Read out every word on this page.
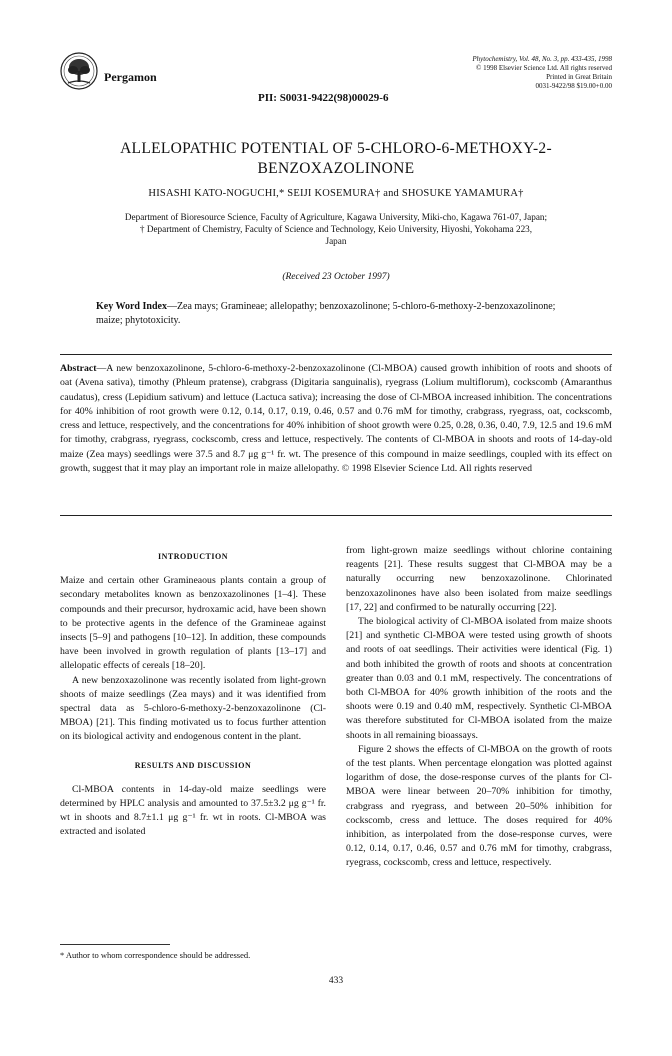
Pergamon
Phytochemistry, Vol. 48, No. 3, pp. 433-435, 1998
© 1998 Elsevier Science Ltd. All rights reserved
Printed in Great Britain
0031-9422/98 $19.00+0.00
PII: S0031-9422(98)00029-6
ALLELOPATHIC POTENTIAL OF 5-CHLORO-6-METHOXY-2-BENZOXAZOLINONE
HISASHI KATO-NOGUCHI,* SEIJI KOSEMURA† and SHOSUKE YAMAMURA†
Department of Bioresource Science, Faculty of Agriculture, Kagawa University, Miki-cho, Kagawa 761-07, Japan;
† Department of Chemistry, Faculty of Science and Technology, Keio University, Hiyoshi, Yokohama 223,
Japan
(Received 23 October 1997)
Key Word Index—Zea mays; Gramineae; allelopathy; benzoxazolinone; 5-chloro-6-methoxy-2-benzoxazolinone; maize; phytotoxicity.
Abstract—A new benzoxazolinone, 5-chloro-6-methoxy-2-benzoxazolinone (Cl-MBOA) caused growth inhibition of roots and shoots of oat (Avena sativa), timothy (Phleum pratense), crabgrass (Digitaria sanguinalis), ryegrass (Lolium multiflorum), cockscomb (Amaranthus caudatus), cress (Lepidium sativum) and lettuce (Lactuca sativa); increasing the dose of Cl-MBOA increased inhibition. The concentrations for 40% inhibition of root growth were 0.12, 0.14, 0.17, 0.19, 0.46, 0.57 and 0.76 mM for timothy, crabgrass, ryegrass, oat, cockscomb, cress and lettuce, respectively, and the concentrations for 40% inhibition of shoot growth were 0.25, 0.28, 0.36, 0.40, 7.9, 12.5 and 19.6 mM for timothy, crabgrass, ryegrass, cockscomb, cress and lettuce, respectively. The contents of Cl-MBOA in shoots and roots of 14-day-old maize (Zea mays) seedlings were 37.5 and 8.7 μg g⁻¹ fr. wt. The presence of this compound in maize seedlings, coupled with its effect on growth, suggest that it may play an important role in maize allelopathy. © 1998 Elsevier Science Ltd. All rights reserved
INTRODUCTION

Maize and certain other Gramineaous plants contain a group of secondary metabolites known as benzoxazolinones [1–4]. These compounds and their precursor, hydroxamic acid, have been shown to be protective agents in the defence of the Gramineae against insects [5–9] and pathogens [10–12]. In addition, these compounds have been involved in growth regulation of plants [13–17] and allelopatic effects of cereals [18–20].

A new benzoxazolinone was recently isolated from light-grown shoots of maize seedlings (Zea mays) and it was identified from spectral data as 5-chloro-6-methoxy-2-benzoxazolinone (Cl-MBOA) [21]. This finding motivated us to focus further attention on its biological activity and endogenous content in the plant.

RESULTS AND DISCUSSION

Cl-MBOA contents in 14-day-old maize seedlings were determined by HPLC analysis and amounted to 37.5±3.2 μg g⁻¹ fr. wt in shoots and 8.7±1.1 μg g⁻¹ fr. wt in roots. Cl-MBOA was extracted and isolated

from light-grown maize seedlings without chlorine containing reagents [21]. These results suggest that Cl-MBOA may be a naturally occurring new benzoxazolinone. Chlorinated benzoxazolinones have also been isolated from maize seedlings [17, 22] and confirmed to be naturally occurring [22].

The biological activity of Cl-MBOA isolated from maize shoots [21] and synthetic Cl-MBOA were tested using growth of shoots and roots of oat seedlings. Their activities were identical (Fig. 1) and both inhibited the growth of roots and shoots at concentration greater than 0.03 and 0.1 mM, respectively. The concentrations of both Cl-MBOA for 40% growth inhibition of the roots and the shoots were 0.19 and 0.40 mM, respectively. Synthetic Cl-MBOA was therefore substituted for Cl-MBOA isolated from the maize shoots in all remaining bioassays.

Figure 2 shows the effects of Cl-MBOA on the growth of roots of the test plants. When percentage elongation was plotted against logarithm of dose, the dose-response curves of the plants for Cl-MBOA were linear between 20–70% inhibition for timothy, crabgrass and ryegrass, and between 20–50% inhibition for cockscomb, cress and lettuce. The doses required for 40% inhibition, as interpolated from the dose-response curves, were 0.12, 0.14, 0.17, 0.46, 0.57 and 0.76 mM for timothy, crabgrass, ryegrass, cockscomb, cress and lettuce, respectively.

* Author to whom correspondence should be addressed.
433
